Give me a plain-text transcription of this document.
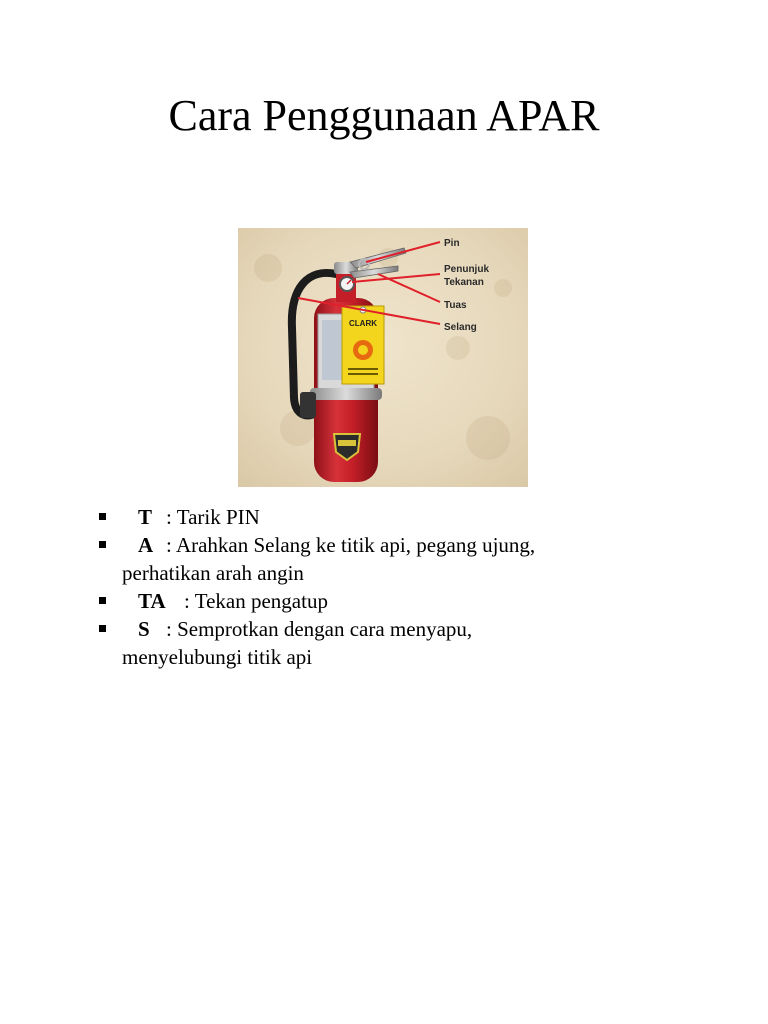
Cara Penggunaan APAR
CLARK
Pin
Penunjuk
Tekanan
Tuas
Selang
T : Tarik PIN
A : Arahkan Selang ke titik api, pegang ujung,
perhatikan arah angin
TA : Tekan pengatup
S : Semprotkan dengan cara menyapu,
menyelubungi titik api
